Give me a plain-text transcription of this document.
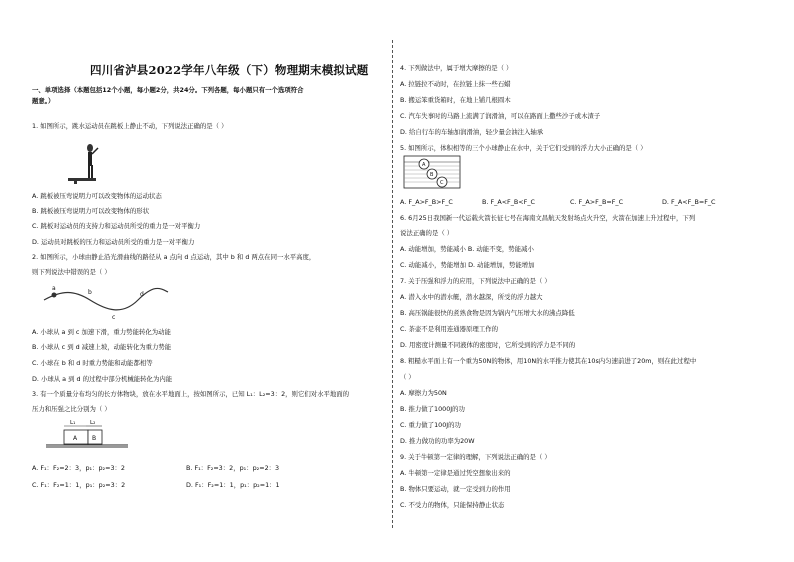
四川省泸县2022学年八年级（下）物理期末模拟试题
一、单项选择（本题包括12个小题，每小题2分，共24分。下列各题，每小题只有一个选项符合
题意。）
1. 如图所示，跳水运动员在跳板上静止不动，下列说法正确的是（ ）
A. 跳板被压弯说明力可以改变物体的运动状态
B. 跳板被压弯说明力可以改变物体的形状
C. 跳板对运动员的支持力和运动员所受的重力是一对平衡力
D. 运动员对跳板的压力和运动员所受的重力是一对平衡力
2. 如图所示，小球由静止沿光滑曲线的路径从 a 点向 d 点运动，其中 b 和 d 两点在同一水平高度，
则下列说法中错误的是（ ）
a
b
c
d
A. 小球从 a 到 c 加速下滑，重力势能转化为动能
B. 小球从 c 到 d 减速上坡，动能转化为重力势能
C. 小球在 b 和 d 时重力势能和动能都相等
D. 小球从 a 到 d 的过程中部分机械能转化为内能
3. 有一个质量分布均匀的长方体物块，放在水平地面上，按如图所示，已知 L₁：L₂=3：2，则它们对水平地面的
压力和压强之比分别为（ ）
L₁	L₂
A B
A. F₁：F₂=2：3，p₁：p₂=3：2	B. F₁：F₂=3：2，p₁：p₂=2：3
C. F₁：F₂=1：1，p₁：p₂=3：2	D. F₁：F₂=1：1，p₁：p₂=1：1
4. 下列做法中，属于增大摩擦的是（ ）
A. 拉链拉不动时，在拉链上抹一些石蜡
B. 搬运笨重货箱时，在地上铺几根圆木
C. 汽车失事时的马路上流满了润滑油，可以在路面上撒些沙子或木渣子
D. 给自行车的车轴加润滑油，轻少量会油注入轴承
5. 如图所示，体积相等的三个小球静止在水中，关于它们受到的浮力大小正确的是（ ）
A
B
C
A. F_A>F_B>F_C	B. F_A<F_B<F_C	C. F_A>F_B=F_C	D. F_A<F_B=F_C
6. 6月25日我国新一代运载火箭长征七号在海南文昌航天发射场点火升空，火箭在加速上升过程中，下列
说法正确的是（ ）
A. 动能增加，势能减小 B. 动能不变，势能减小
C. 动能减小，势能增加 D. 动能增加，势能增加
7. 关于压强和浮力的应用，下列说法中正确的是（ ）
A. 潜入水中的潜水艇，潜水越深，所受的浮力越大
B. 高压锅能很快的煮熟食物是因为锅内气压增大水的沸点降低
C. 茶壶不是利用连通器原理工作的
D. 用密度计测量不同液体的密度时，它所受到的浮力是不同的
8. 粗糙水平面上有一个重为50N的物体，用10N的水平推力使其在10s内匀速前进了20m，则在此过程中
（ ）
A. 摩擦力为50N
B. 推力做了1000J的功
C. 重力做了100J的功
D. 推力做功的功率为20W
9. 关于牛顿第一定律的理解，下列说法正确的是（ ）
A. 牛顿第一定律是通过凭空想象出来的
B. 物体只要运动，就一定受到力的作用
C. 不受力的物体，只能保持静止状态
